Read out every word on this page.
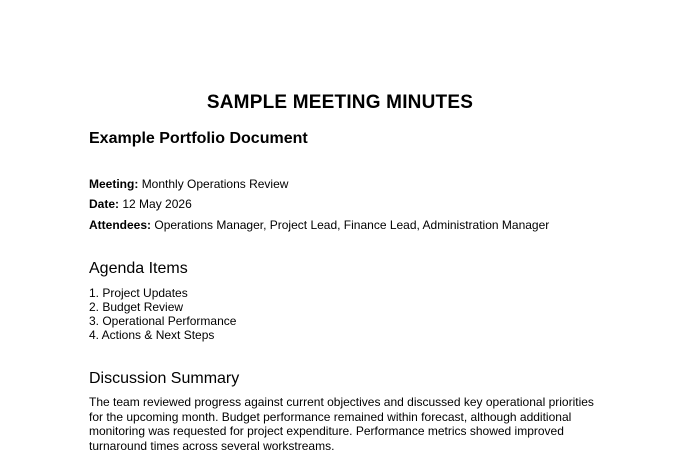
SAMPLE MEETING MINUTES
Example Portfolio Document

Meeting: Monthly Operations Review

Date: 12 May 2026

Attendees: Operations Manager, Project Lead, Finance Lead, Administration Manager

Agenda Items
1. Project Updates
2. Budget Review
3. Operational Performance
4. Actions & Next Steps
Discussion Summary

The team reviewed progress against current objectives and discussed key operational priorities for the upcoming month. Budget performance remained within forecast, although additional monitoring was requested for project expenditure. Performance metrics showed improved turnaround times across several workstreams.
